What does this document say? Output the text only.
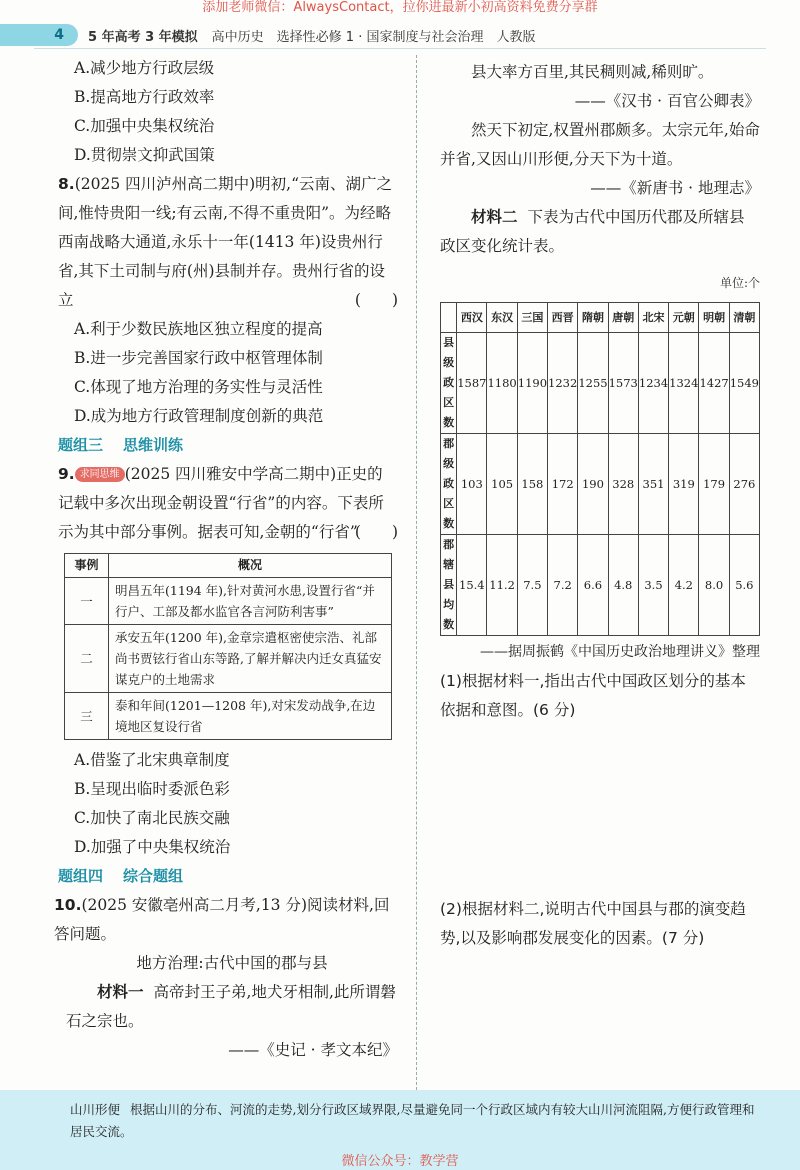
添加老师微信：AlwaysContact，拉你进最新小初高资料免费分享群
4	5 年高考 3 年模拟 高中历史　选择性必修 1 · 国家制度与社会治理　人教版
A.减少地方行政层级
B.提高地方行政效率
C.加强中央集权统治
D.贯彻崇文抑武国策
8.(2025 四川泸州高二期中)明初,“云南、湖广之间,惟恃贵阳一线;有云南,不得不重贵阳”。为经略西南战略大通道,永乐十一年(1413 年)设贵州行省,其下土司制与府(州)县制并存。贵州行省的设立	(　　)
A.利于少数民族地区独立程度的提高
B.进一步完善国家行政中枢管理体制
C.体现了地方治理的务实性与灵活性
D.成为地方行政管理制度创新的典范
题组三 思维训练
9. 求同思维 (2025 四川雅安中学高二期中)正史的记载中多次出现金朝设置“行省”的内容。下表所示为其中部分事例。据表可知,金朝的“行省”
(　　)
事例	概况
一	明昌五年(1194 年),针对黄河水患,设置行省“并行户、工部及都水监官各言河防利害事”
二	承安五年(1200 年),金章宗遣枢密使宗浩、礼部尚书贾铉行省山东等路,了解并解决内迁女真猛安谋克户的土地需求
三	泰和年间(1201—1208 年),对宋发动战争,在边境地区复设行省
A.借鉴了北宋典章制度
B.呈现出临时委派色彩
C.加快了南北民族交融
D.加强了中央集权统治
题组四 综合题组
10.(2025 安徽亳州高二月考,13 分)阅读材料,回答问题。
地方治理:古代中国的郡与县
材料一 高帝封王子弟,地犬牙相制,此所谓磐石之宗也。
——《史记 · 孝文本纪》
县大率方百里,其民稠则减,稀则旷。
——《汉书 · 百官公卿表》
然天下初定,权置州郡颇多。太宗元年,始命并省,又因山川形便,分天下为十道。
——《新唐书 · 地理志》
材料二 下表为古代中国历代郡及所辖县政区变化统计表。
单位:个
	西汉	东汉	三国	西晋	隋朝	唐朝	北宋	元朝	明朝	清朝
县级政区数	1587	1180	1190	1232	1255	1573	1234	1324	1427	1549
郡级政区数	103	105	158	172	190	328	351	319	179	276
郡辖县均数	15.4	11.2	7.5	7.2	6.6	4.8	3.5	4.2	8.0	5.6
——据周振鹤《中国历史政治地理讲义》整理
(1)根据材料一,指出古代中国政区划分的基本依据和意图。(6 分)
(2)根据材料二,说明古代中国县与郡的演变趋势,以及影响郡发展变化的因素。(7 分)
山川形便 根据山川的分布、河流的走势,划分行政区域界限,尽量避免同一个行政区域内有较大山川河流阻隔,方便行政管理和居民交流。
微信公众号：教学营
